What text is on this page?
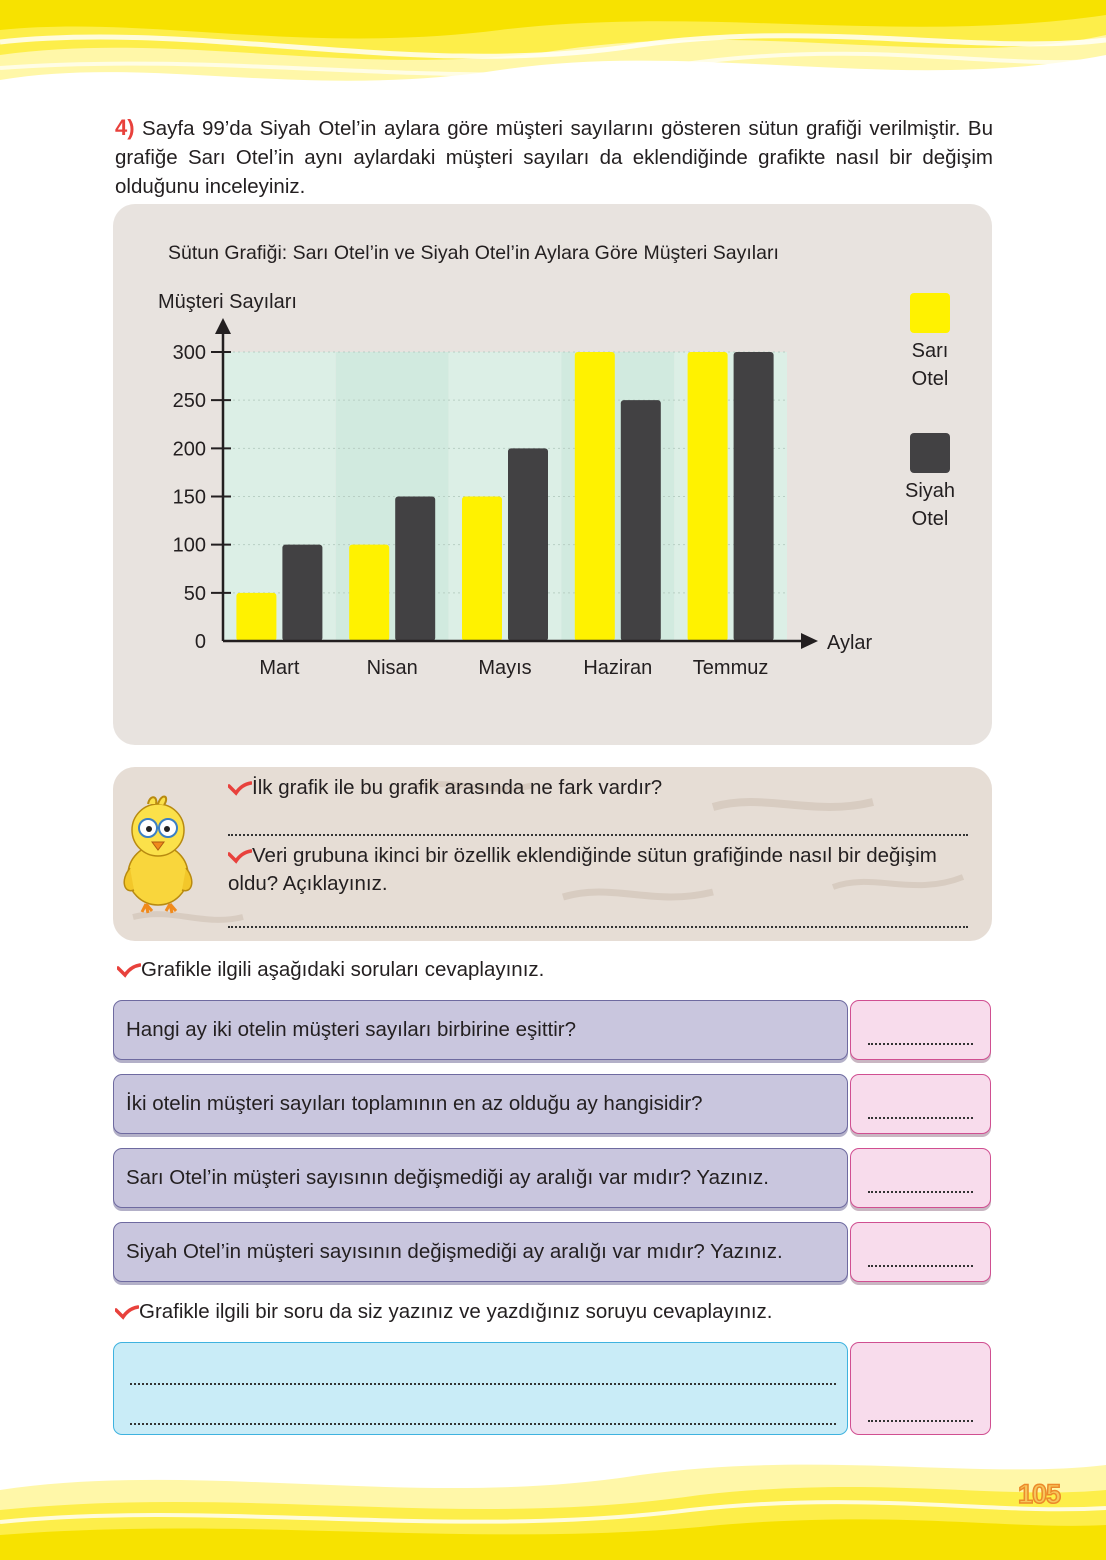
4) Sayfa 99’da Siyah Otel’in aylara göre müşteri sayılarını gösteren sütun grafiği verilmiştir. Bu grafiğe Sarı Otel’in aynı aylardaki müşteri sayıları da eklendiğinde grafikte nasıl bir değişim olduğunu inceleyiniz.
Sütun Grafiği: Sarı Otel’in ve Siyah Otel’in Aylara Göre Müşteri Sayıları
Mart	Nisan	Mayıs	Haziran Temmuz
0
50
100
150
200
250
300
Müşteri Sayıları
Aylar
Sarı
Otel
Siyah
Otel
İlk grafik ile bu grafik arasında ne fark vardır?
Veri grubuna ikinci bir özellik eklendiğinde sütun grafiğinde nasıl bir değişim
oldu? Açıklayınız.
Grafikle ilgili aşağıdaki soruları cevaplayınız.
Hangi ay iki otelin müşteri sayıları birbirine eşittir?
İki otelin müşteri sayıları toplamının en az olduğu ay hangisidir?
Sarı Otel’in müşteri sayısının değişmediği ay aralığı var mıdır? Yazınız.
Siyah Otel’in müşteri sayısının değişmediği ay aralığı var mıdır? Yazınız.
Grafikle ilgili bir soru da siz yazınız ve yazdığınız soruyu cevaplayınız.
105
